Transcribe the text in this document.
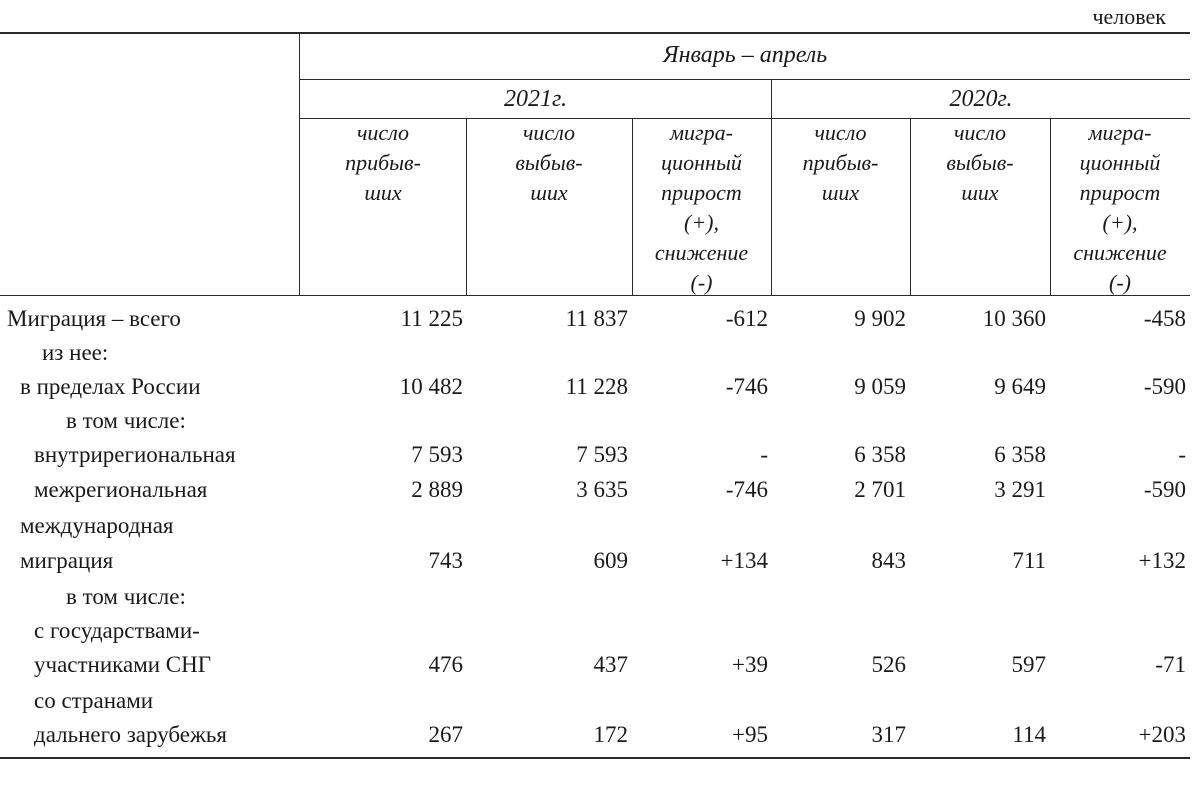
человек
Январь – апрель
2021г.	2020г.
число
прибыв-
ших
число
выбыв-
ших
мигра-
ционный
прирост
(+),
снижение
(-)
число
прибыв-
ших
число
выбыв-
ших
мигра-
ционный
прирост
(+),
снижение
(-)
Миграция – всего	11 225	11 837	-612	9 902	10 360	-458
из нее:
в пределах России	10 482	11 228	-746	9 059	9 649	-590
в том числе:
внутрирегиональная	7 593	7 593	-	6 358	6 358	-
межрегиональная	2 889	3 635	-746	2 701	3 291	-590
международная
миграция	743	609	+134	843	711	+132
в том числе:
с государствами-
участниками СНГ	476	437	+39	526	597	-71
со странами
дальнего зарубежья	267	172	+95	317	114	+203
